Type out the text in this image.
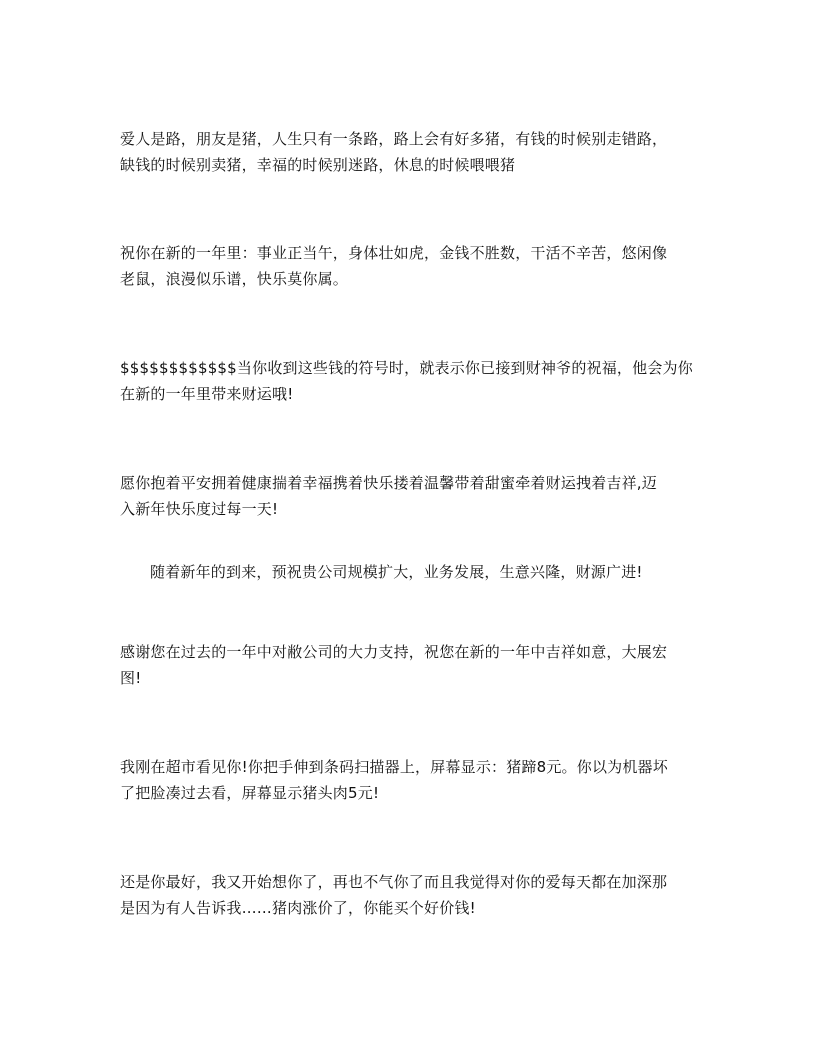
爱人是路，朋友是猪，人生只有一条路，路上会有好多猪，有钱的时候别走错路，
缺钱的时候别卖猪，幸福的时候别迷路，休息的时候喂喂猪
祝你在新的一年里：事业正当午，身体壮如虎，金钱不胜数，干活不辛苦，悠闲像
老鼠，浪漫似乐谱，快乐莫你属。
$$$$$$$$$$$$当你收到这些钱的符号时，就表示你已接到财神爷的祝福，他会为你
在新的一年里带来财运哦!
愿你抱着平安拥着健康揣着幸福携着快乐搂着温馨带着甜蜜牵着财运拽着吉祥,迈
入新年快乐度过每一天!
随着新年的到来，预祝贵公司规模扩大，业务发展，生意兴隆，财源广进!
感谢您在过去的一年中对敝公司的大力支持，祝您在新的一年中吉祥如意，大展宏
图!
我刚在超市看见你!你把手伸到条码扫描器上，屏幕显示：猪蹄8元。你以为机器坏
了把脸凑过去看，屏幕显示猪头肉5元!
还是你最好，我又开始想你了，再也不气你了而且我觉得对你的爱每天都在加深那
是因为有人告诉我……猪肉涨价了，你能买个好价钱!
